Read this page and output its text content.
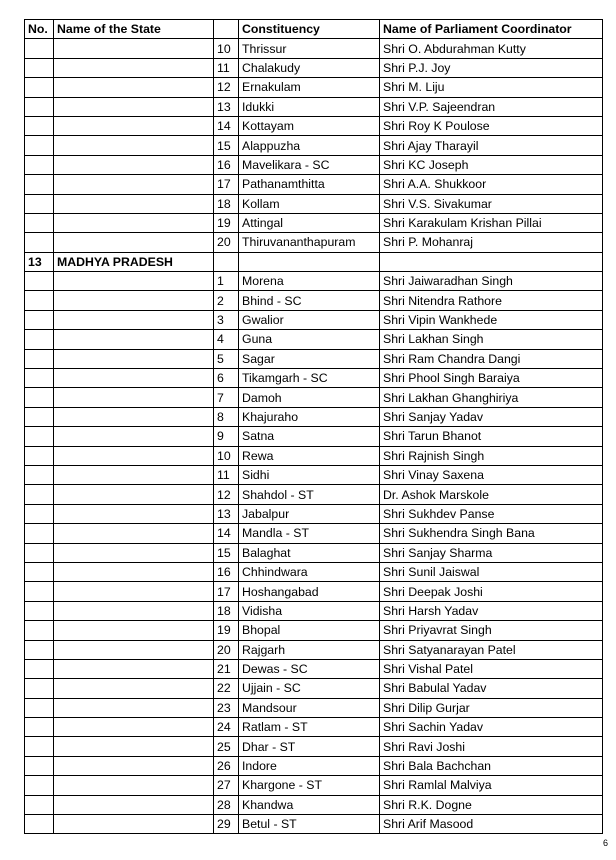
No.	Name of the State		Constituency	Name of Parliament Coordinator
		10	Thrissur	Shri O. Abdurahman Kutty
		11	Chalakudy	Shri P.J. Joy
		12	Ernakulam	Shri M. Liju
		13	Idukki	Shri V.P. Sajeendran
		14	Kottayam	Shri Roy K Poulose
		15	Alappuzha	Shri Ajay Tharayil
		16	Mavelikara - SC	Shri KC Joseph
		17	Pathanamthitta	Shri A.A. Shukkoor
		18	Kollam	Shri V.S. Sivakumar
		19	Attingal	Shri Karakulam Krishan Pillai
		20	Thiruvananthapuram	Shri P. Mohanraj
13	MADHYA PRADESH			
		1	Morena	Shri Jaiwaradhan Singh
		2	Bhind - SC	Shri Nitendra Rathore
		3	Gwalior	Shri Vipin Wankhede
		4	Guna	Shri Lakhan Singh
		5	Sagar	Shri Ram Chandra Dangi
		6	Tikamgarh - SC	Shri Phool Singh Baraiya
		7	Damoh	Shri Lakhan Ghanghiriya
		8	Khajuraho	Shri Sanjay Yadav
		9	Satna	Shri Tarun Bhanot
		10	Rewa	Shri Rajnish Singh
		11	Sidhi	Shri Vinay Saxena
		12	Shahdol - ST	Dr. Ashok Marskole
		13	Jabalpur	Shri Sukhdev Panse
		14	Mandla - ST	Shri Sukhendra Singh Bana
		15	Balaghat	Shri Sanjay Sharma
		16	Chhindwara	Shri Sunil Jaiswal
		17	Hoshangabad	Shri Deepak Joshi
		18	Vidisha	Shri Harsh Yadav
		19	Bhopal	Shri Priyavrat Singh
		20	Rajgarh	Shri Satyanarayan Patel
		21	Dewas - SC	Shri Vishal Patel
		22	Ujjain - SC	Shri Babulal Yadav
		23	Mandsour	Shri Dilip Gurjar
		24	Ratlam - ST	Shri Sachin Yadav
		25	Dhar - ST	Shri Ravi Joshi
		26	Indore	Shri Bala Bachchan
		27	Khargone - ST	Shri Ramlal Malviya
		28	Khandwa	Shri R.K. Dogne
		29	Betul - ST	Shri Arif Masood
6
